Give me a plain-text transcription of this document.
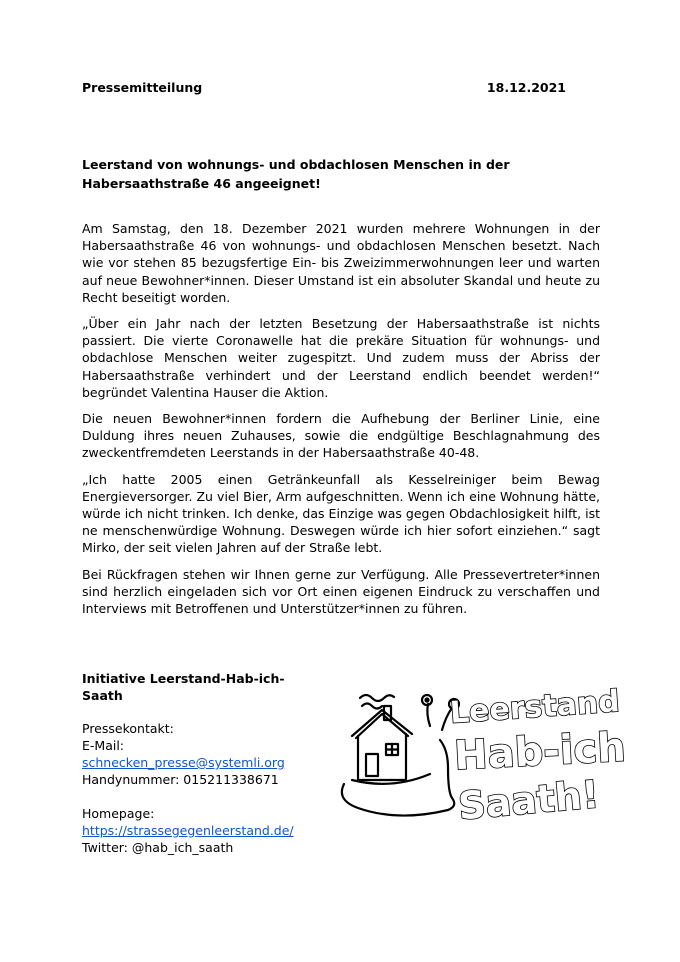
Pressemitteilung	18.12.2021
Leerstand von wohnungs- und obdachlosen Menschen in der
Habersaathstraße 46 angeeignet!

Am Samstag, den 18. Dezember 2021 wurden mehrere Wohnungen in der Habersaathstraße 46 von wohnungs- und obdachlosen Menschen besetzt. Nach wie vor stehen 85 bezugsfertige Ein- bis Zweizimmerwohnungen leer und warten auf neue Bewohner*innen. Dieser Umstand ist ein absoluter Skandal und heute zu Recht beseitigt worden.

„Über ein Jahr nach der letzten Besetzung der Habersaathstraße ist nichts passiert. Die vierte Coronawelle hat die prekäre Situation für wohnungs- und obdachlose Menschen weiter zugespitzt. Und zudem muss der Abriss der Habersaathstraße verhindert und der Leerstand endlich beendet werden!“ begründet Valentina Hauser die Aktion.

Die neuen Bewohner*innen fordern die Aufhebung der Berliner Linie, eine Duldung ihres neuen Zuhauses, sowie die endgültige Beschlagnahmung des zweckentfremdeten Leerstands in der Habersaathstraße 40-48.

„Ich hatte 2005 einen Getränkeunfall als Kesselreiniger beim Bewag Energieversorger. Zu viel Bier, Arm aufgeschnitten. Wenn ich eine Wohnung hätte, würde ich nicht trinken. Ich denke, das Einzige was gegen Obdachlosigkeit hilft, ist ne menschenwürdige Wohnung. Deswegen würde ich hier sofort einziehen.“ sagt Mirko, der seit vielen Jahren auf der Straße lebt.

Bei Rückfragen stehen wir Ihnen gerne zur Verfügung. Alle Pressevertreter*innen sind herzlich eingeladen sich vor Ort einen eigenen Eindruck zu verschaffen und Interviews mit Betroffenen und Unterstützer*innen zu führen.

Initiative Leerstand-Hab-ich-
Saath
Pressekontakt:
E-Mail:
schnecken_presse@systemli.org
Handynummer: 015211338671
Homepage:
https://strassegegenleerstand.de/
Twitter: @hab_ich_saath
Leerstand
Hab-ich
Saath!
